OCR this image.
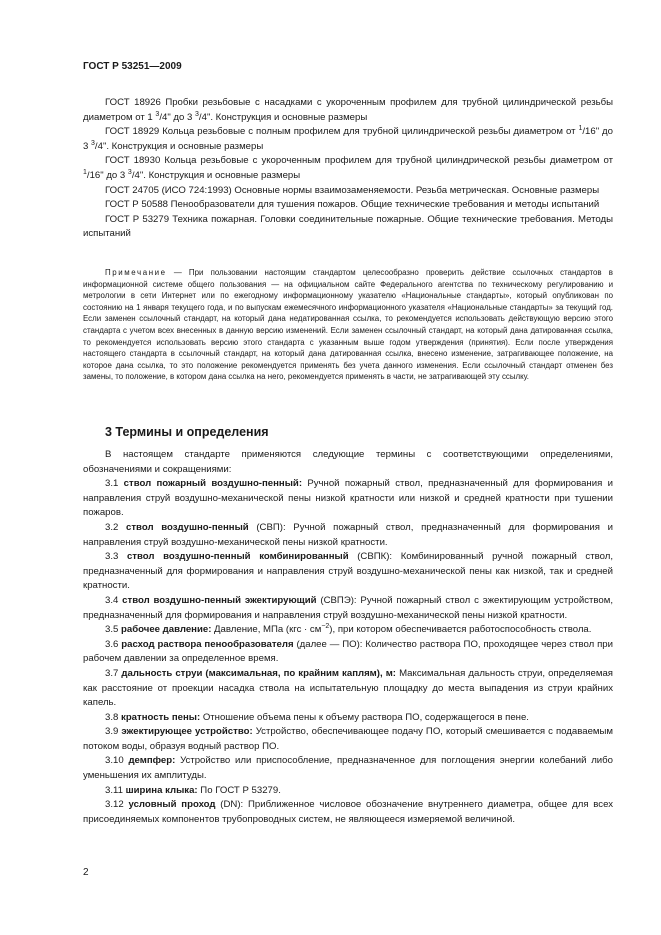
ГОСТ Р 53251—2009

ГОСТ 18926 Пробки резьбовые с насадками с укороченным профилем для трубной цилиндрической резьбы диаметром от 1 $^3$/4" до 3 $^3$/4". Конструкция и основные размеры

ГОСТ 18929 Кольца резьбовые с полным профилем для трубной цилиндрической резьбы диаметром от $^1$/16" до 3 $^3$/4". Конструкция и основные размеры

ГОСТ 18930 Кольца резьбовые с укороченным профилем для трубной цилиндрической резьбы диаметром от $^1$/16" до 3 $^3$/4". Конструкция и основные размеры

ГОСТ 24705 (ИСО 724:1993) Основные нормы взаимозаменяемости. Резьба метрическая. Основные размеры

ГОСТ Р 50588 Пенообразователи для тушения пожаров. Общие технические требования и методы испытаний

ГОСТ Р 53279 Техника пожарная. Головки соединительные пожарные. Общие технические требования. Методы испытаний

Примечание — При пользовании настоящим стандартом целесообразно проверить действие ссылочных стандартов в информационной системе общего пользования — на официальном сайте Федерального агентства по техническому регулированию и метрологии в сети Интернет или по ежегодному информационному указателю «Национальные стандарты», который опубликован по состоянию на 1 января текущего года, и по выпускам ежемесячного информационного указателя «Национальные стандарты» за текущий год. Если заменен ссылочный стандарт, на который дана недатированная ссылка, то рекомендуется использовать действующую версию этого стандарта с учетом всех внесенных в данную версию изменений. Если заменен ссылочный стандарт, на который дана датированная ссылка, то рекомендуется использовать версию этого стандарта с указанным выше годом утверждения (принятия). Если после утверждения настоящего стандарта в ссылочный стандарт, на который дана датированная ссылка, внесено изменение, затрагивающее положение, на которое дана ссылка, то это положение рекомендуется применять без учета данного изменения. Если ссылочный стандарт отменен без замены, то положение, в котором дана ссылка на него, рекомендуется применять в части, не затрагивающей эту ссылку.

3 Термины и определения

В настоящем стандарте применяются следующие термины с соответствующими определениями, обозначениями и сокращениями:

3.1 ствол пожарный воздушно-пенный: Ручной пожарный ствол, предназначенный для формирования и направления струй воздушно-механической пены низкой кратности или низкой и средней кратности при тушении пожаров.

3.2 ствол воздушно-пенный (СВП): Ручной пожарный ствол, предназначенный для формирования и направления струй воздушно-механической пены низкой кратности.

3.3 ствол воздушно-пенный комбинированный (СВПК): Комбинированный ручной пожарный ствол, предназначенный для формирования и направления струй воздушно-механической пены как низкой, так и средней кратности.

3.4 ствол воздушно-пенный эжектирующий (СВПЭ): Ручной пожарный ствол с эжектирующим устройством, предназначенный для формирования и направления струй воздушно-механической пены низкой кратности.

3.5 рабочее давление: Давление, МПа $(кгс \cdot см^{-2})$, при котором обеспечивается работоспособность ствола.

3.6 расход раствора пенообразователя (далее — ПО): Количество раствора ПО, проходящее через ствол при рабочем давлении за определенное время.

3.7 дальность струи (максимальная, по крайним каплям), м: Максимальная дальность струи, определяемая как расстояние от проекции насадка ствола на испытательную площадку до места выпадения из струи крайних капель.

3.8 кратность пены: Отношение объема пены к объему раствора ПО, содержащегося в пене.

3.9 эжектирующее устройство: Устройство, обеспечивающее подачу ПО, который смешивается с подаваемым потоком воды, образуя водный раствор ПО.

3.10 демпфер: Устройство или приспособление, предназначенное для поглощения энергии колебаний либо уменьшения их амплитуды.

3.11 ширина клыка: По ГОСТ Р 53279.

3.12 условный проход (DN): Приближенное числовое обозначение внутреннего диаметра, общее для всех присоединяемых компонентов трубопроводных систем, не являющееся измеряемой величиной.

2
